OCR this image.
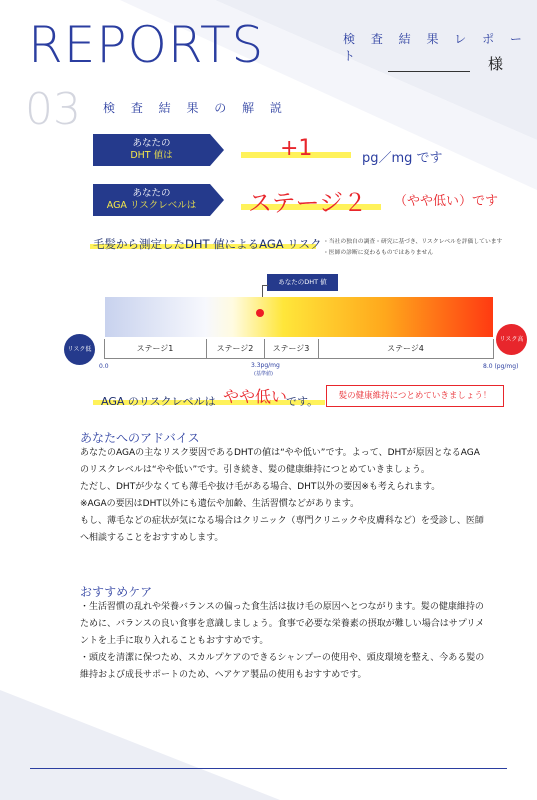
REPORTS	検 査 結 果 レ ポ ー ト	様
03 検 査 結 果 の 解 説
あなたの
DHT 値は	+1	pg／mg です
あなたの
AGA リスクレベルは	ステージ２ （やや低い）です
毛髪から測定したDHT 値によるAGA リスク ・当社の独自の調査・研究に基づき、リスクレベルを評価しています
・医師の診断に変わるものではありません
あなたのDHT 値
リスク低
リスク高
ステージ1	ステージ2	ステージ3	ステージ4
0.0	3.3pg/mg
(基準値)
8.0 (pg/mg)
AGA のリスクレベルは やや低い
です。	髪の健康維持につとめていきましょう！
あなたへのアドバイス

あなたのAGAの主なリスク要因であるDHTの値は“やや低い”です。よって、DHTが原因となるAGA

のリスクレベルは“やや低い”です。引き続き、髪の健康維持につとめていきましょう。

ただし、DHTが少なくても薄毛や抜け毛がある場合、DHT以外の要因※も考えられます。

※AGAの要因はDHT以外にも遺伝や加齢、生活習慣などがあります。

もし、薄毛などの症状が気になる場合はクリニック（専門クリニックや皮膚科など）を受診し、医師

へ相談することをおすすめします。

おすすめケア

・生活習慣の乱れや栄養バランスの偏った食生活は抜け毛の原因へとつながります。髪の健康維持の

ために、バランスの良い食事を意識しましょう。食事で必要な栄養素の摂取が難しい場合はサプリメ

ントを上手に取り入れることもおすすめです。

・頭皮を清潔に保つため、スカルプケアのできるシャンプーの使用や、頭皮環境を整え、今ある髪の

維持および成長サポートのため、ヘアケア製品の使用もおすすめです。
